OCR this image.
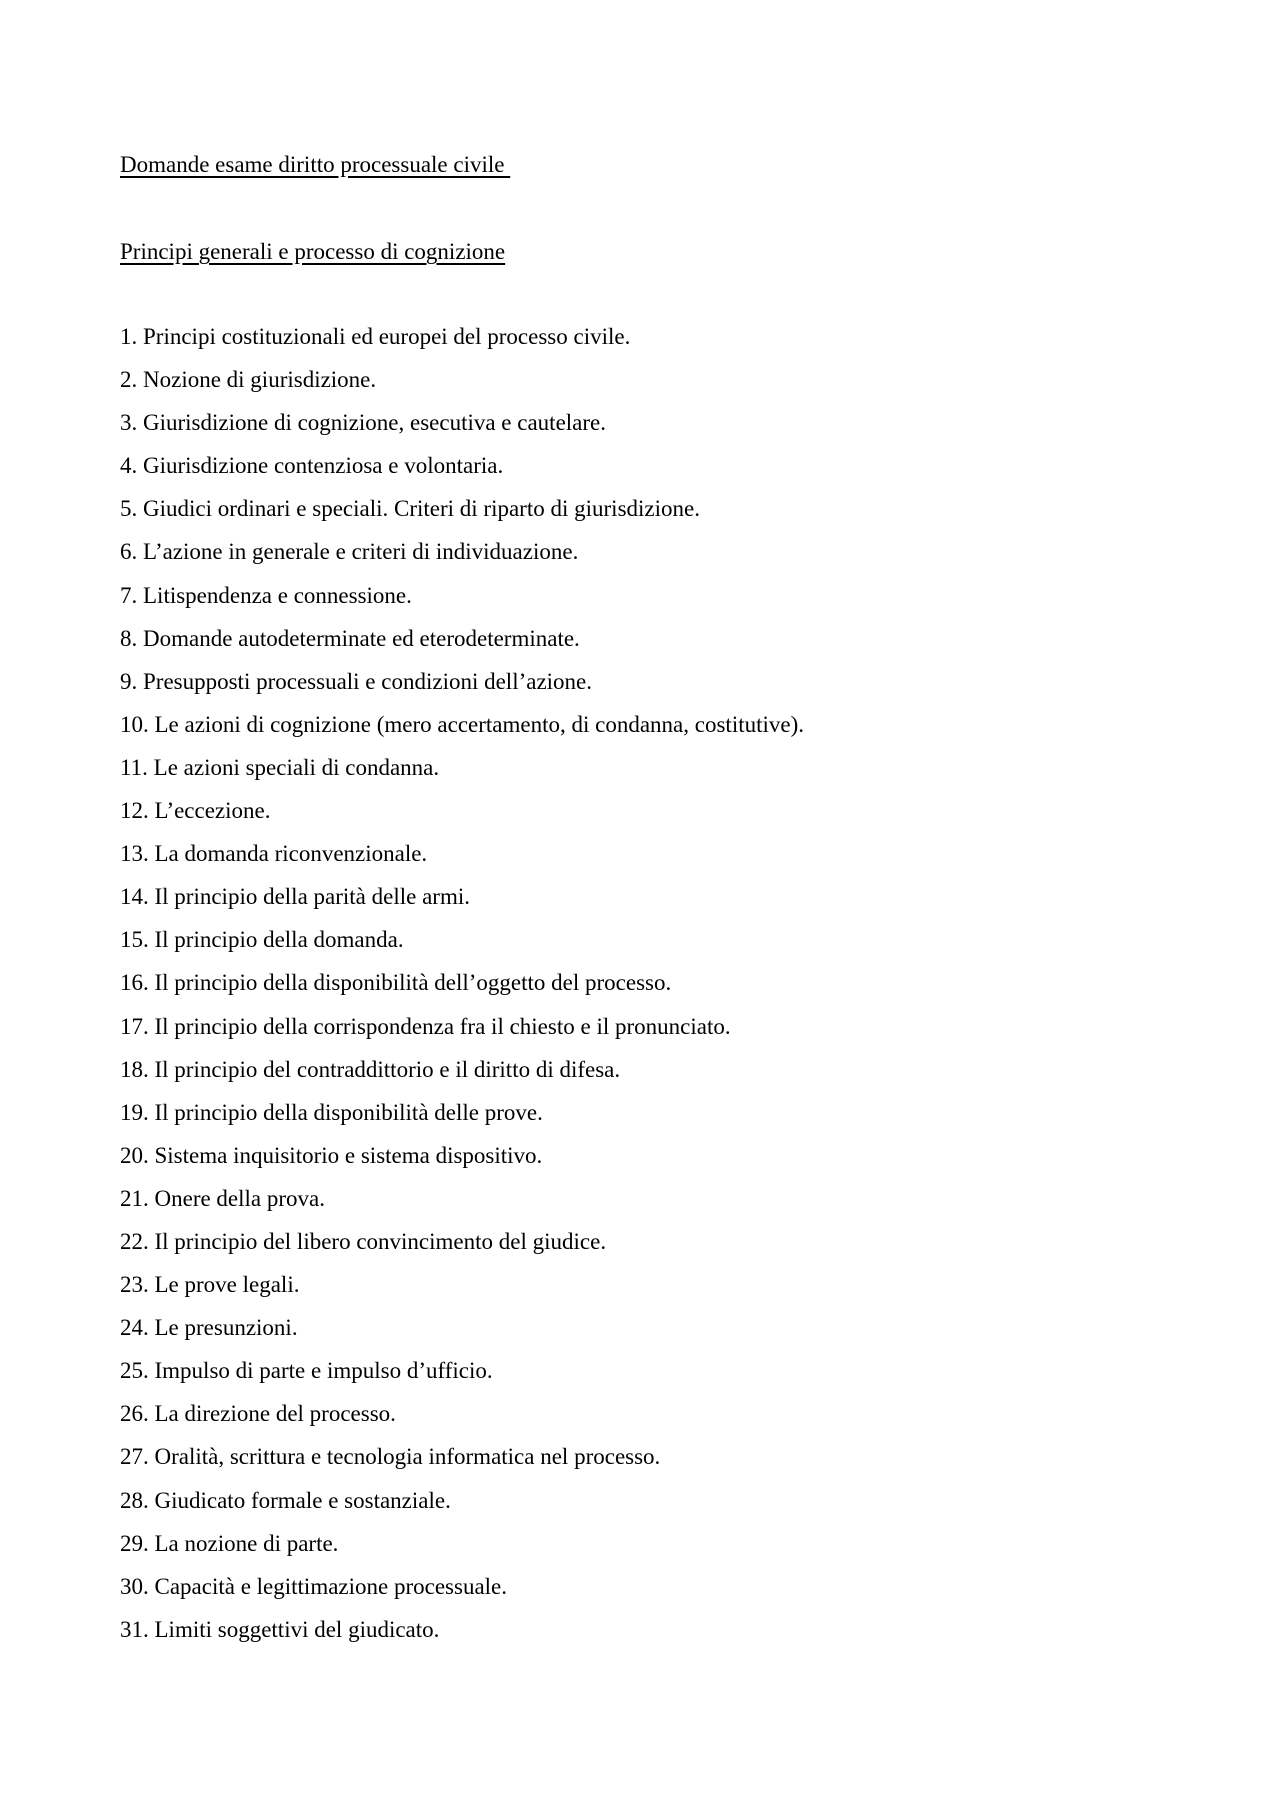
Domande esame diritto processuale civile
Principi generali e processo di cognizione
1. Principi costituzionali ed europei del processo civile.
2. Nozione di giurisdizione.
3. Giurisdizione di cognizione, esecutiva e cautelare.
4. Giurisdizione contenziosa e volontaria.
5. Giudici ordinari e speciali. Criteri di riparto di giurisdizione.
6. L’azione in generale e criteri di individuazione.
7. Litispendenza e connessione.
8. Domande autodeterminate ed eterodeterminate.
9. Presupposti processuali e condizioni dell’azione.
10. Le azioni di cognizione (mero accertamento, di condanna, costitutive).
11. Le azioni speciali di condanna.
12. L’eccezione.
13. La domanda riconvenzionale.
14. Il principio della parità delle armi.
15. Il principio della domanda.
16. Il principio della disponibilità dell’oggetto del processo.
17. Il principio della corrispondenza fra il chiesto e il pronunciato.
18. Il principio del contraddittorio e il diritto di difesa.
19. Il principio della disponibilità delle prove.
20. Sistema inquisitorio e sistema dispositivo.
21. Onere della prova.
22. Il principio del libero convincimento del giudice.
23. Le prove legali.
24. Le presunzioni.
25. Impulso di parte e impulso d’ufficio.
26. La direzione del processo.
27. Oralità, scrittura e tecnologia informatica nel processo.
28. Giudicato formale e sostanziale.
29. La nozione di parte.
30. Capacità e legittimazione processuale.
31. Limiti soggettivi del giudicato.
